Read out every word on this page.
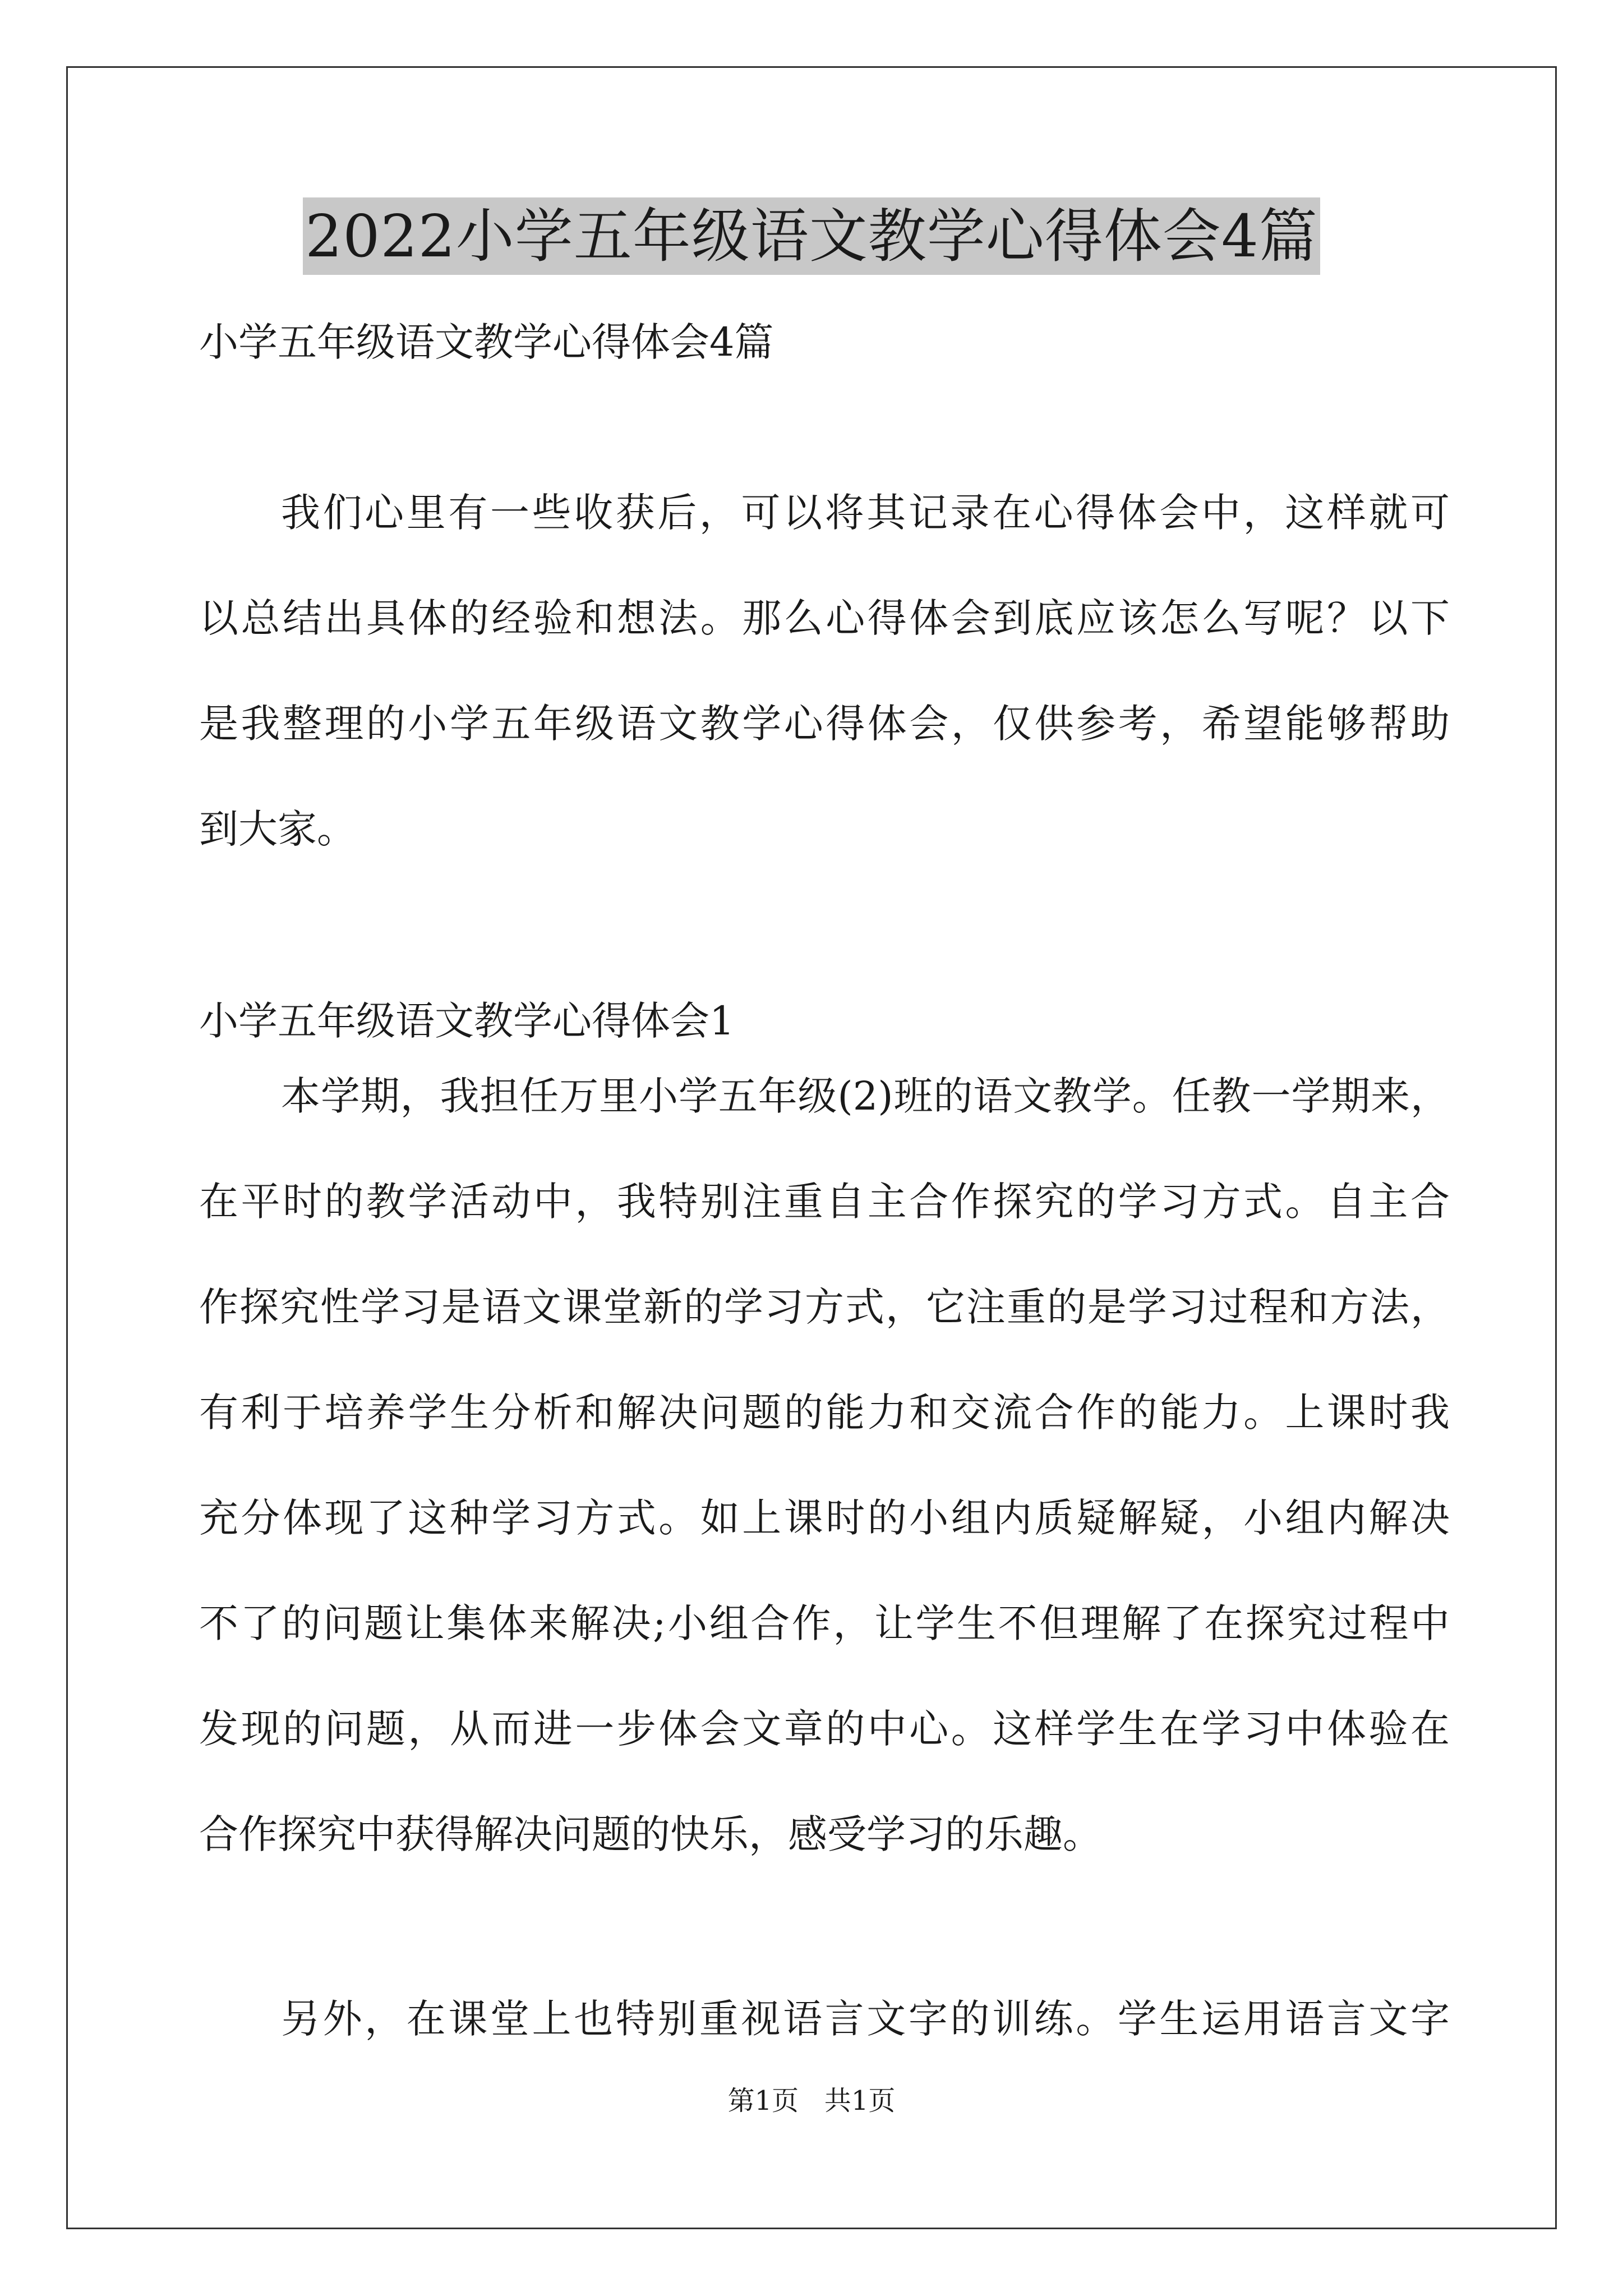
2022小学五年级语文教学心得体会4篇
小学五年级语文教学心得体会4篇
我们心里有一些收获后，可以将其记录在心得体会中，这样就可
以总结出具体的经验和想法。那么心得体会到底应该怎么写呢？以下
是我整理的小学五年级语文教学心得体会，仅供参考，希望能够帮助
到大家。
小学五年级语文教学心得体会1
本学期，我担任万里小学五年级(2)班的语文教学。任教一学期来，
在平时的教学活动中，我特别注重自主合作探究的学习方式。自主合
作探究性学习是语文课堂新的学习方式，它注重的是学习过程和方法，
有利于培养学生分析和解决问题的能力和交流合作的能力。上课时我
充分体现了这种学习方式。如上课时的小组内质疑解疑，小组内解决
不了的问题让集体来解决;小组合作，让学生不但理解了在探究过程中
发现的问题，从而进一步体会文章的中心。这样学生在学习中体验在
合作探究中获得解决问题的快乐，感受学习的乐趣。
另外，在课堂上也特别重视语言文字的训练。学生运用语言文字
第1页   共1页
